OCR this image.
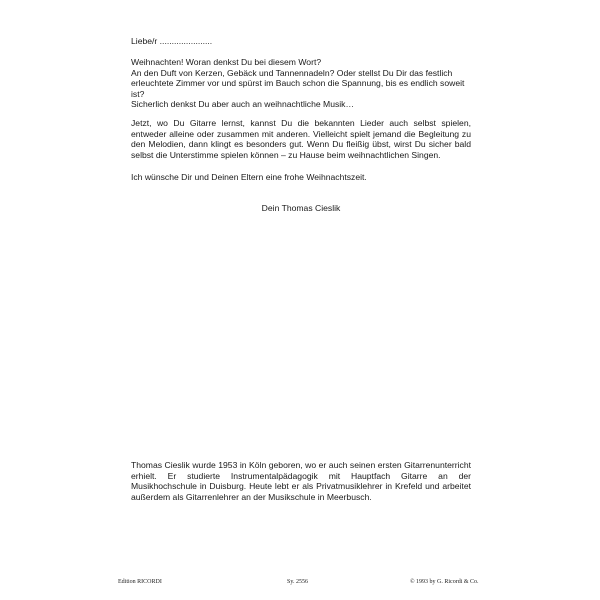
Liebe/r ......................

Weihnachten! Woran denkst Du bei diesem Wort?

An den Duft von Kerzen, Gebäck und Tannennadeln? Oder stellst Du Dir das festlich erleuchtete Zimmer vor und spürst im Bauch schon die Spannung, bis es endlich soweit ist?

Sicherlich denkst Du aber auch an weihnachtliche Musik…

Jetzt, wo Du Gitarre lernst, kannst Du die bekannten Lieder auch selbst spielen, entweder alleine oder zusammen mit anderen. Vielleicht spielt jemand die Begleitung zu den Melodien, dann klingt es besonders gut. Wenn Du fleißig übst, wirst Du sicher bald selbst die Unterstimme spielen können – zu Hause beim weihnachtlichen Singen.

Ich wünsche Dir und Deinen Eltern eine frohe Weihnachtszeit.
Dein Thomas Cieslik
Thomas Cieslik wurde 1953 in Köln geboren, wo er auch seinen ersten Gitarrenunterricht erhielt. Er studierte Instrumentalpädagogik mit Hauptfach Gitarre an der Musikhochschule in Duisburg. Heute lebt er als Privatmusiklehrer in Krefeld und arbeitet außerdem als Gitarrenlehrer an der Musikschule in Meerbusch.
Edition RICORDI	Sy. 2556	© 1993 by G. Ricordi & Co.
